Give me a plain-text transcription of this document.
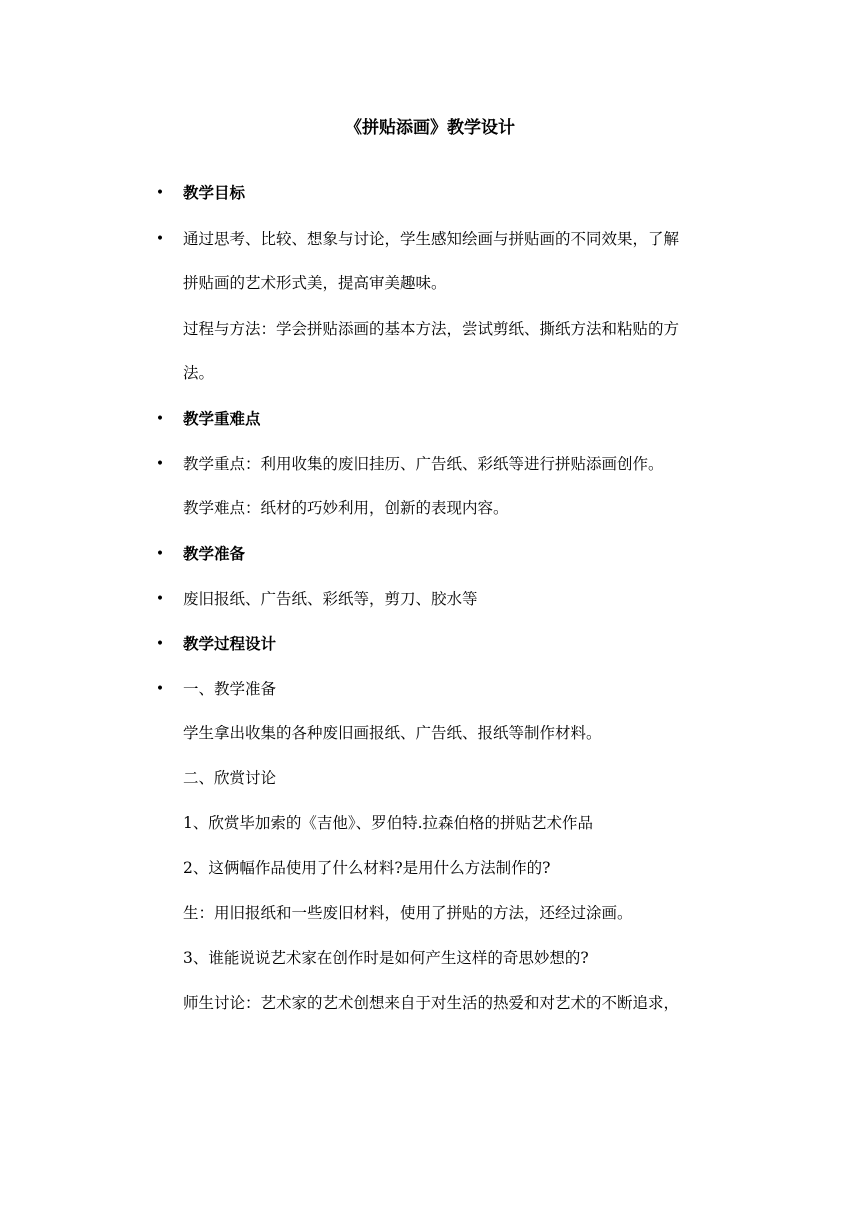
《拼贴添画》教学设计
• 教学目标
• 通过思考、比较、想象与讨论，学生感知绘画与拼贴画的不同效果，了解
拼贴画的艺术形式美，提高审美趣味。
过程与方法：学会拼贴添画的基本方法，尝试剪纸、撕纸方法和粘贴的方
法。
• 教学重难点
• 教学重点：利用收集的废旧挂历、广告纸、彩纸等进行拼贴添画创作。
教学难点：纸材的巧妙利用，创新的表现内容。
• 教学准备
• 废旧报纸、广告纸、彩纸等，剪刀、胶水等
• 教学过程设计
• 一、教学准备
学生拿出收集的各种废旧画报纸、广告纸、报纸等制作材料。
二、欣赏讨论
1、欣赏毕加索的《吉他》、罗伯特.拉森伯格的拼贴艺术作品
2、这俩幅作品使用了什么材料?是用什么方法制作的?
生：用旧报纸和一些废旧材料，使用了拼贴的方法，还经过涂画。
3、谁能说说艺术家在创作时是如何产生这样的奇思妙想的?
师生讨论：艺术家的艺术创想来自于对生活的热爱和对艺术的不断追求，
